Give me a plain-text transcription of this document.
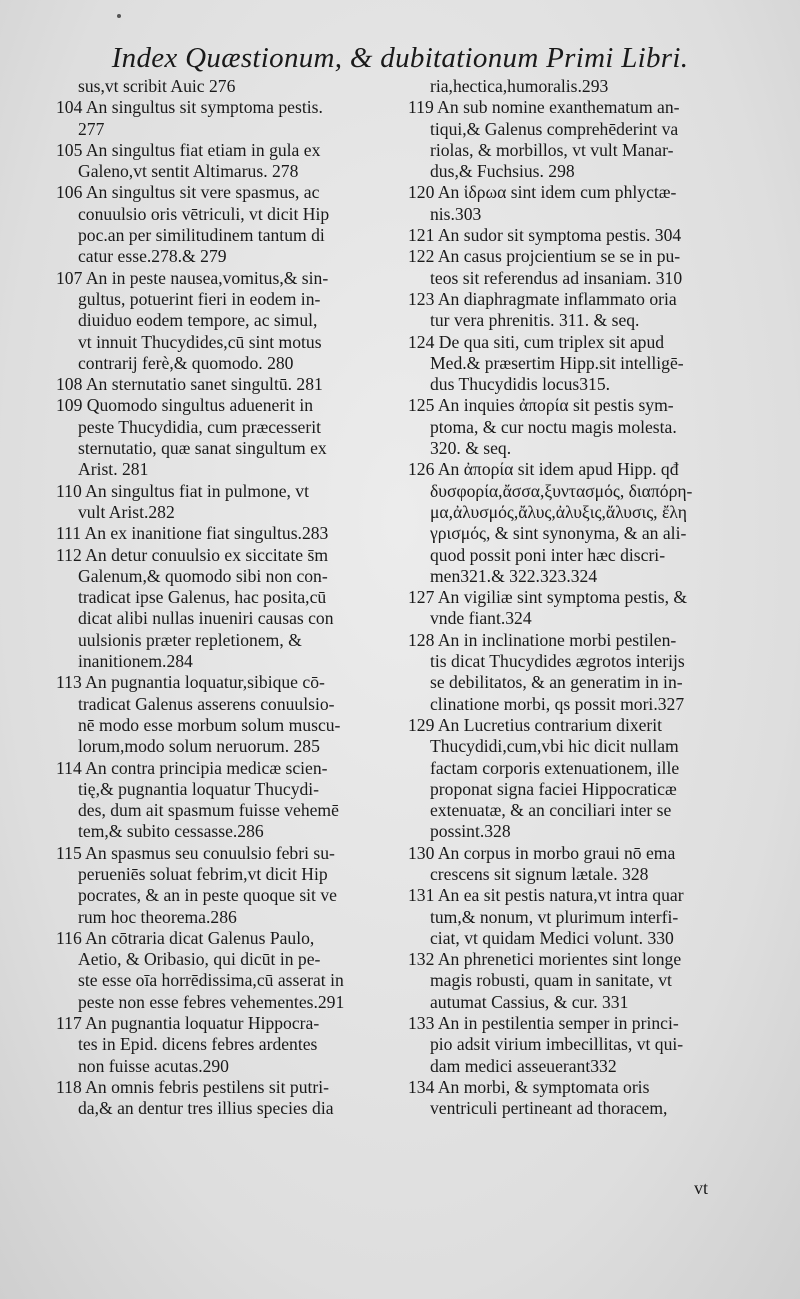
Index Quæstionum, & dubitationum Primi Libri.
sus,vt scribit Auic 276
104 An singultus sit symptoma pestis.
277
105 An singultus fiat etiam in gula ex
Galeno,vt sentit Altimarus. 278
106 An singultus sit vere spasmus, ac
conuulsio oris vētriculi, vt dicit Hip
poc.an per similitudinem tantum di
catur esse.278.& 279
107 An in peste nausea,vomitus,& sin-
gultus, potuerint fieri in eodem in-
diuiduo eodem tempore, ac simul,
vt innuit Thucydides,cū sint motus
contrarij ferè,& quomodo. 280
108 An sternutatio sanet singultū. 281
109 Quomodo singultus aduenerit in
peste Thucydidia, cum præcesserit
sternutatio, quæ sanat singultum ex
Arist. 281
110 An singultus fiat in pulmone, vt
vult Arist.282
111 An ex inanitione fiat singultus.283
112 An detur conuulsio ex siccitate s̄m
Galenum,& quomodo sibi non con-
tradicat ipse Galenus, hac posita,cū
dicat alibi nullas inueniri causas con
uulsionis præter repletionem, &
inanitionem.284
113 An pugnantia loquatur,sibique cō-
tradicat Galenus asserens conuulsio-
nē modo esse morbum solum muscu-
lorum,modo solum neruorum. 285
114 An contra principia medicæ scien-
tię,& pugnantia loquatur Thucydi-
des, dum ait spasmum fuisse vehemē
tem,& subito cessasse.286
115 An spasmus seu conuulsio febri su-
perueniēs soluat febrim,vt dicit Hip
pocrates, & an in peste quoque sit ve
rum hoc theorema.286
116 An cōtraria dicat Galenus Paulo,
Aetio, & Oribasio, qui dicūt in pe-
ste esse oīa horrēdissima,cū asserat in
peste non esse febres vehementes.291
117 An pugnantia loquatur Hippocra-
tes in Epid. dicens febres ardentes
non fuisse acutas.290
118 An omnis febris pestilens sit putri-
da,& an dentur tres illius species dia
ria,hectica,humoralis.293
119 An sub nomine exanthematum an-
tiqui,& Galenus comprehēderint va
riolas, & morbillos, vt vult Manar-
dus,& Fuchsius. 298
120 An ἱδρωα sint idem cum phlyctæ-
nis.303
121 An sudor sit symptoma pestis. 304
122 An casus projcientium se se in pu-
teos sit referendus ad insaniam. 310
123 An diaphragmate inflammato oria
tur vera phrenitis. 311. & seq.
124 De qua siti, cum triplex sit apud
Med.& præsertim Hipp.sit intelligē-
dus Thucydidis locus315.
125 An inquies ἀπορία sit pestis sym-
ptoma, & cur noctu magis molesta.
320. & seq.
126 An ἀπορία sit idem apud Hipp. qđ
δυσφορία,ἄσσα,ξυντασμός, διαπόρη-
μα,ἀλυσμός,ἄλυς,ἀλυξις,ἄλυσις, ἔλη
γρισμός, & sint synonyma, & an ali-
quod possit poni inter hæc discri-
men321.& 322.323.324
127 An vigiliæ sint symptoma pestis, &
vnde fiant.324
128 An in inclinatione morbi pestilen-
tis dicat Thucydides ægrotos interijs
se debilitatos, & an generatim in in-
clinatione morbi, qs possit mori.327
129 An Lucretius contrarium dixerit
Thucydidi,cum,vbi hic dicit nullam
factam corporis extenuationem, ille
proponat signa faciei Hippocraticæ
extenuatæ, & an conciliari inter se
possint.328
130 An corpus in morbo graui nō ema
crescens sit signum lætale. 328
131 An ea sit pestis natura,vt intra quar
tum,& nonum, vt plurimum interfi-
ciat, vt quidam Medici volunt. 330
132 An phrenetici morientes sint longe
magis robusti, quam in sanitate, vt
autumat Cassius, & cur. 331
133 An in pestilentia semper in princi-
pio adsit virium imbecillitas, vt qui-
dam medici asseuerant332
134 An morbi, & symptomata oris
ventriculi pertineant ad thoracem,
vt
